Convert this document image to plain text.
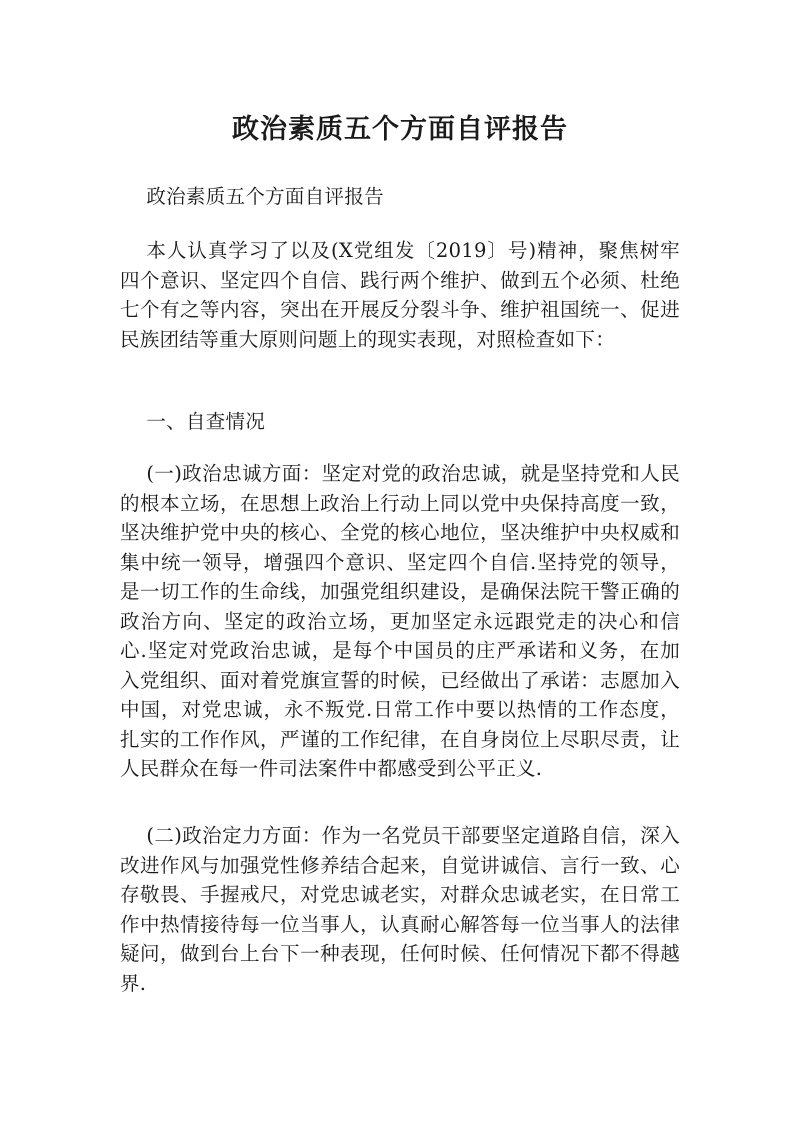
政治素质五个方面自评报告

政治素质五个方面自评报告

本人认真学习了以及(X党组发〔2019〕号)精神，聚焦树牢四个意识、坚定四个自信、践行两个维护、做到五个必须、杜绝七个有之等内容，突出在开展反分裂斗争、维护祖国统一、促进民族团结等重大原则问题上的现实表现，对照检查如下：

一、自查情况

(一)政治忠诚方面：坚定对党的政治忠诚，就是坚持党和人民的根本立场，在思想上政治上行动上同以党中央保持高度一致，坚决维护党中央的核心、全党的核心地位，坚决维护中央权威和集中统一领导，增强四个意识、坚定四个自信.坚持党的领导，是一切工作的生命线，加强党组织建设，是确保法院干警正确的政治方向、坚定的政治立场，更加坚定永远跟党走的决心和信心.坚定对党政治忠诚，是每个中国员的庄严承诺和义务，在加入党组织、面对着党旗宣誓的时候，已经做出了承诺：志愿加入中国，对党忠诚，永不叛党.日常工作中要以热情的工作态度，扎实的工作作风，严谨的工作纪律，在自身岗位上尽职尽责，让人民群众在每一件司法案件中都感受到公平正义.

(二)政治定力方面：作为一名党员干部要坚定道路自信，深入改进作风与加强党性修养结合起来，自觉讲诚信、言行一致、心存敬畏、手握戒尺，对党忠诚老实，对群众忠诚老实，在日常工作中热情接待每一位当事人，认真耐心解答每一位当事人的法律疑问，做到台上台下一种表现，任何时候、任何情况下都不得越界.
